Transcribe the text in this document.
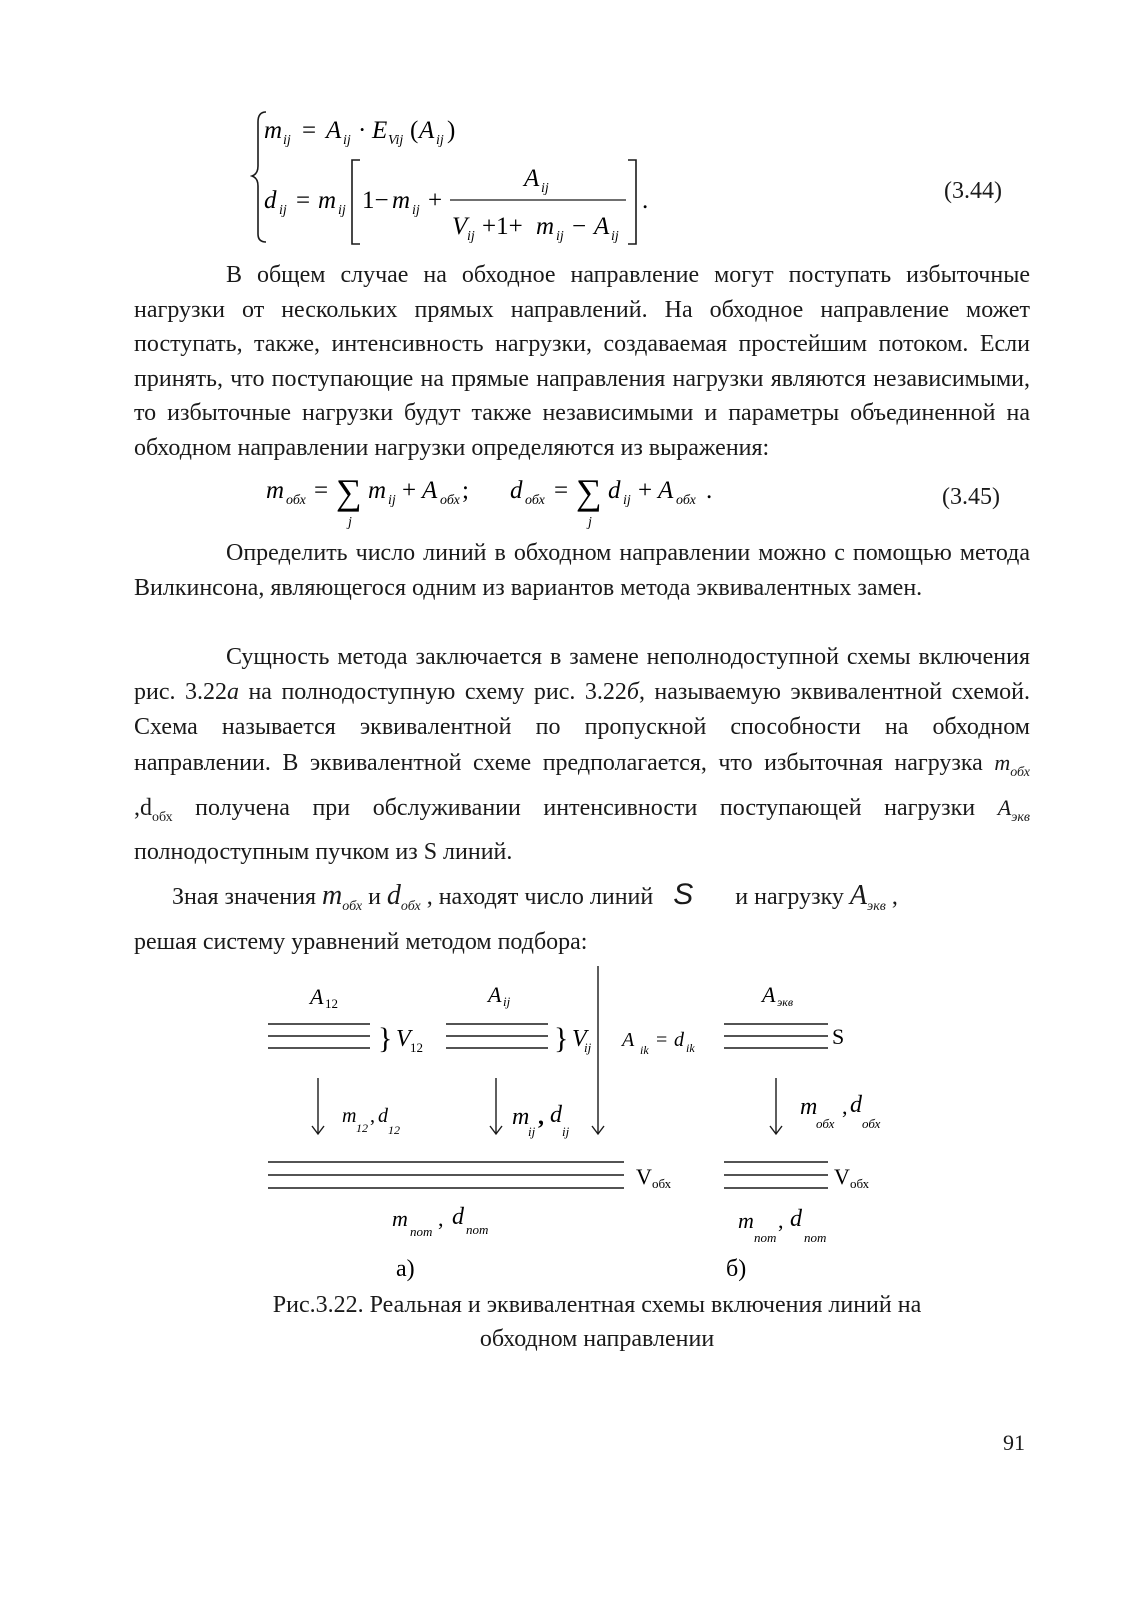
m ij = A ij · E Vij ( A ij )
d ij = m ij 1− m ij +
A ij
V ij +1+ m ij − A ij
.	(3.44)

В общем случае на обходное направление могут поступать избыточные нагрузки от нескольких прямых направлений. На обходное направление может поступать, также, интенсивность нагрузки, создаваемая простейшим потоком. Если принять, что поступающие на прямые направления нагрузки являются независимыми, то избыточные нагрузки будут также независимыми и параметры объединенной на обходном направлении нагрузки определяются из выражения:

m обх = ∑
j
m ij + A обх ; d обх = ∑
j
d ij + A обх .	(3.45)

Определить число линий в обходном направлении можно с помощью метода Вилкинсона, являющегося одним из вариантов метода эквивалентных замен.

Сущность метода заключается в замене неполнодоступной схемы включения рис. 3.22а на полнодоступную схему рис. 3.22б, называемую эквивалентной схемой. Схема называется эквивалентной по пропускной способности на обходном направлении. В эквивалентной схеме предполагается, что избыточная нагрузка $m_{обх}$ $,d_{обх}$ получена при обслуживании интенсивности поступающей нагрузки $A_{экв}$ полнодоступным пучком из S линий.

Зная значения $m_{обх}$ и $d_{обх}$ , находят число линий S и нагрузку $A_{экв}$ ,
решая систему уравнений методом подбора:

A 12
} V 12
A ij
} V
ij A ik = d ik
m
12
, d
12	m
ij
, d
ij
V обх
m
пот
, d пот
A экв
S
m
обх
, d
обх
V обх
m
пот
, d
пот
а)	б)
Рис.3.22. Реальная и эквивалентная схемы включения линий на
обходном направлении
91
